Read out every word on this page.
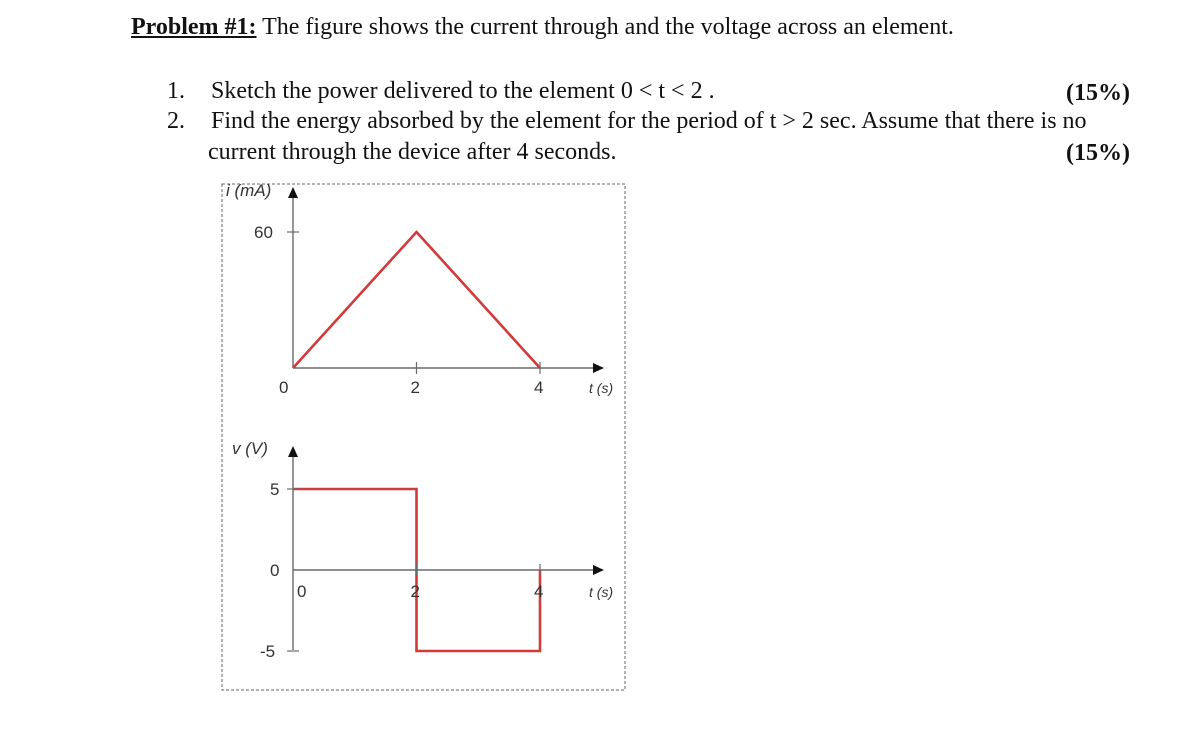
Problem #1: The figure shows the current through and the voltage across an element.
1. Sketch the power delivered to the element 0 < t < 2 .	(15%)
2. Find the energy absorbed by the element for the period of t > 2 sec. Assume that there is no
current through the device after 4 seconds.	(15%)
i (mA)
t (s)
0	2	4
60
v (V)
t (s)
0	2	4
5
0
-5
